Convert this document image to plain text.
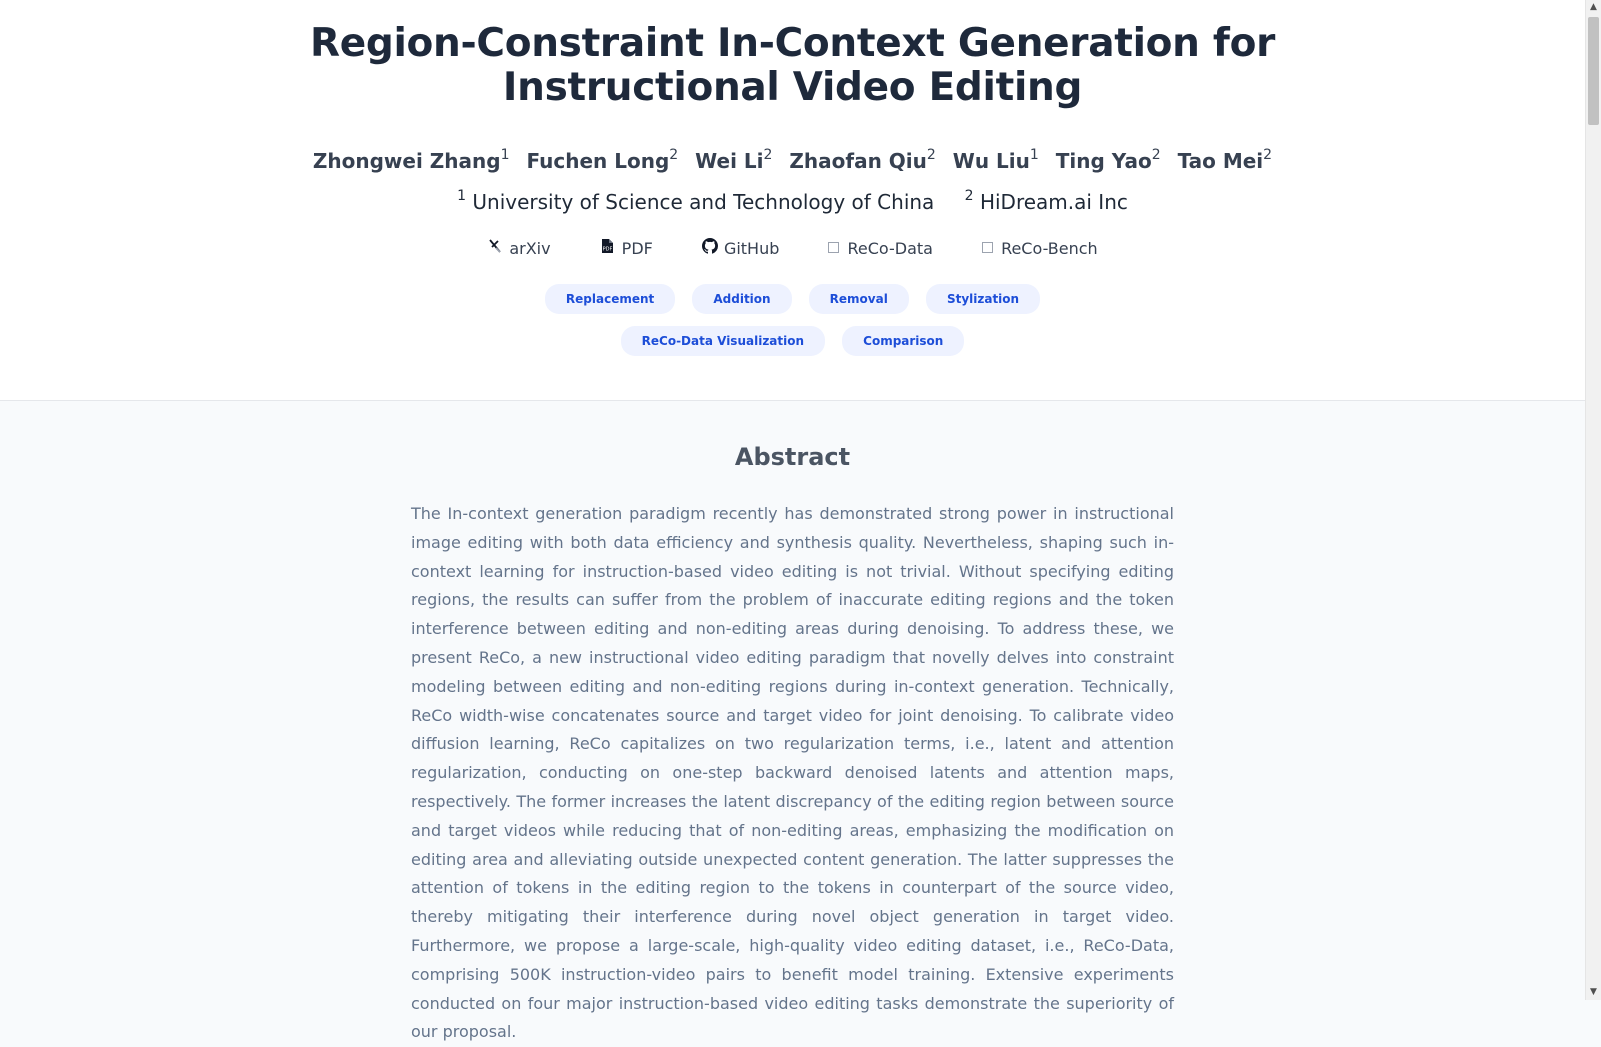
Region-Constraint In-Context Generation for
Instructional Video Editing
Zhongwei Zhang$^1$ Fuchen Long$^2$ Wei Li$^2$ Zhaofan Qiu$^2$ Wu Liu$^1$ Ting Yao$^2$ Tao Mei$^2$
$^1$ University of Science and Technology of China $^2$ HiDream.ai Inc
arXiv	PDF PDF	GitHub	ReCo-Data	ReCo-Bench
Replacement	Addition	Removal	Stylization
ReCo-Data Visualization	Comparison
Abstract

The In-context generation paradigm recently has demonstrated strong power in instructional image editing with both data efficiency and synthesis quality. Nevertheless, shaping such in-context learning for instruction-based video editing is not trivial. Without specifying editing regions, the results can suffer from the problem of inaccurate editing regions and the token interference between editing and non-editing areas during denoising. To address these, we present ReCo, a new instructional video editing paradigm that novelly delves into constraint modeling between editing and non-editing regions during in-context generation. Technically, ReCo width-wise concatenates source and target video for joint denoising. To calibrate video diffusion learning, ReCo capitalizes on two regularization terms, i.e., latent and attention regularization, conducting on one-step backward denoised latents and attention maps, respectively. The former increases the latent discrepancy of the editing region between source and target videos while reducing that of non-editing areas, emphasizing the modification on editing area and alleviating outside unexpected content generation. The latter suppresses the attention of tokens in the editing region to the tokens in counterpart of the source video, thereby mitigating their interference during novel object generation in target video. Furthermore, we propose a large-scale, high-quality video editing dataset, i.e., ReCo-Data, comprising 500K instruction-video pairs to benefit model training. Extensive experiments conducted on four major instruction-based video editing tasks demonstrate the superiority of our proposal.

▲
▼
